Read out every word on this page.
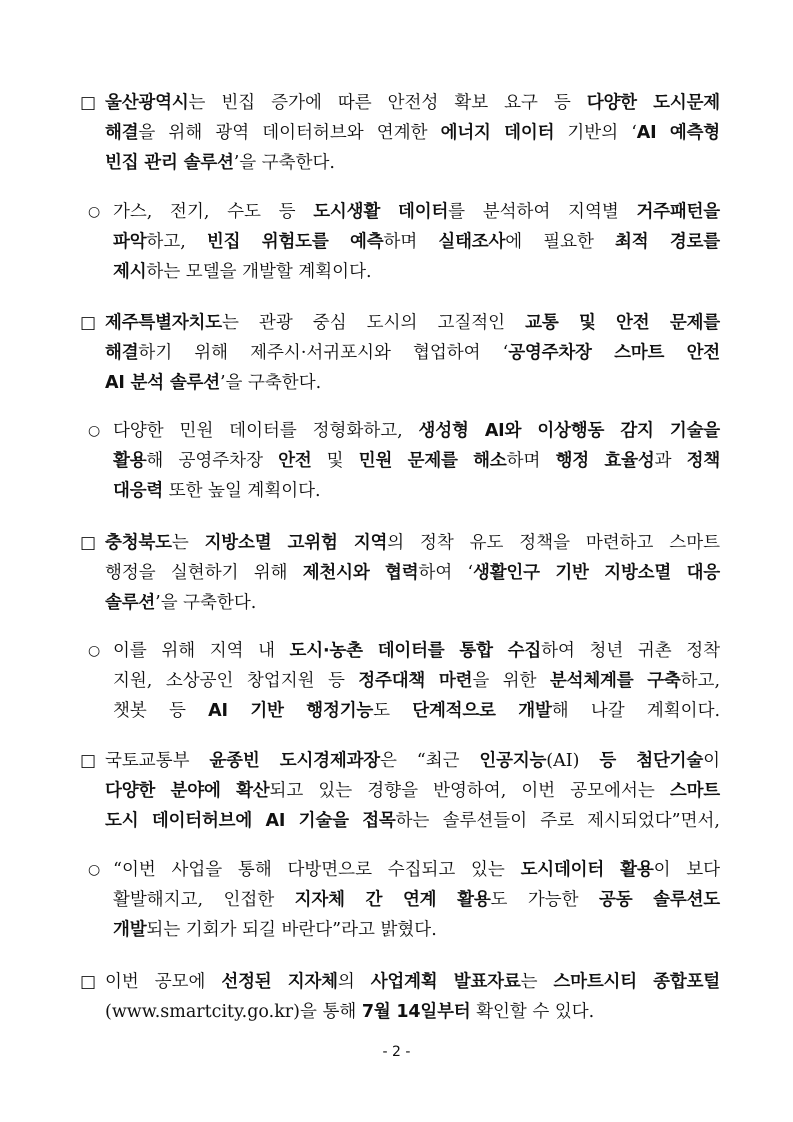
□ 울산광역시는 빈집 증가에 따른 안전성 확보 요구 등 다양한 도시문제
해결을 위해 광역 데이터허브와 연계한 에너지 데이터 기반의 ‘AI 예측형
빈집 관리 솔루션’을 구축한다.
○ 가스, 전기, 수도 등 도시생활 데이터를 분석하여 지역별 거주패턴을
파악하고, 빈집 위험도를 예측하며 실태조사에 필요한 최적 경로를
제시하는 모델을 개발할 계획이다.
□ 제주특별자치도는 관광 중심 도시의 고질적인 교통 및 안전 문제를
해결하기 위해 제주시·서귀포시와 협업하여 ‘공영주차장 스마트 안전
AI 분석 솔루션’을 구축한다.
○ 다양한 민원 데이터를 정형화하고, 생성형 AI와 이상행동 감지 기술을
활용해 공영주차장 안전 및 민원 문제를 해소하며 행정 효율성과 정책
대응력 또한 높일 계획이다.
□ 충청북도는 지방소멸 고위험 지역의 정착 유도 정책을 마련하고 스마트
행정을 실현하기 위해 제천시와 협력하여 ‘생활인구 기반 지방소멸 대응
솔루션’을 구축한다.
○ 이를 위해 지역 내 도시·농촌 데이터를 통합 수집하여 청년 귀촌 정착
지원, 소상공인 창업지원 등 정주대책 마련을 위한 분석체계를 구축하고,
챗봇 등 AI 기반 행정기능도 단계적으로 개발해 나갈 계획이다.
□ 국토교통부 윤종빈 도시경제과장은 “최근 인공지능(AI) 등 첨단기술이
다양한 분야에 확산되고 있는 경향을 반영하여, 이번 공모에서는 스마트
도시 데이터허브에 AI 기술을 접목하는 솔루션들이 주로 제시되었다”면서,
○ “이번 사업을 통해 다방면으로 수집되고 있는 도시데이터 활용이 보다
활발해지고, 인접한 지자체 간 연계 활용도 가능한 공동 솔루션도
개발되는 기회가 되길 바란다”라고 밝혔다.
□ 이번 공모에 선정된 지자체의 사업계획 발표자료는 스마트시티 종합포털
(www.smartcity.go.kr)을 통해 7월 14일부터 확인할 수 있다.
- 2 -
